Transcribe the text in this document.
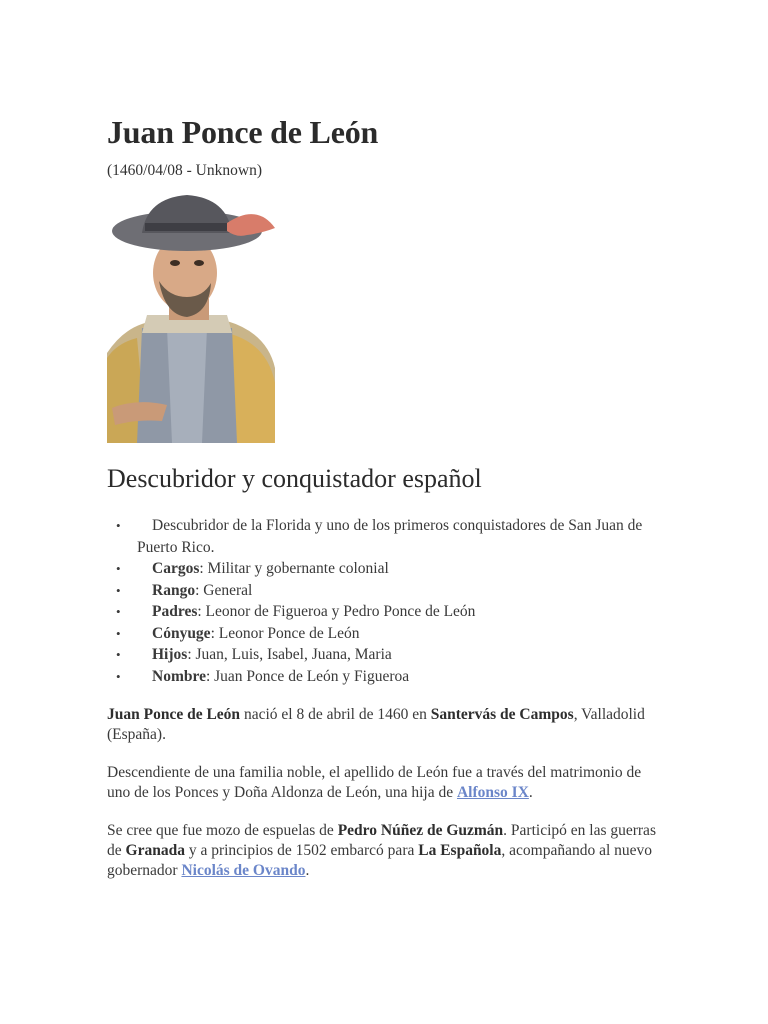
Juan Ponce de León
(1460/04/08 - Unknown)
Descubridor y conquistador español
• Descubridor de la Florida y uno de los primeros conquistadores de San Juan de Puerto Rico.
• Cargos: Militar y gobernante colonial
• Rango: General
• Padres: Leonor de Figueroa y Pedro Ponce de León
• Cónyuge: Leonor Ponce de León
• Hijos: Juan, Luis, Isabel, Juana, Maria
• Nombre: Juan Ponce de León y Figueroa

Juan Ponce de León nació el 8 de abril de 1460 en Santervás de Campos, Valladolid (España).

Descendiente de una familia noble, el apellido de León fue a través del matrimonio de uno de los Ponces y Doña Aldonza de León, una hija de Alfonso IX.

Se cree que fue mozo de espuelas de Pedro Núñez de Guzmán. Participó en las guerras de Granada y a principios de 1502 embarcó para La Española, acompañando al nuevo gobernador Nicolás de Ovando.
